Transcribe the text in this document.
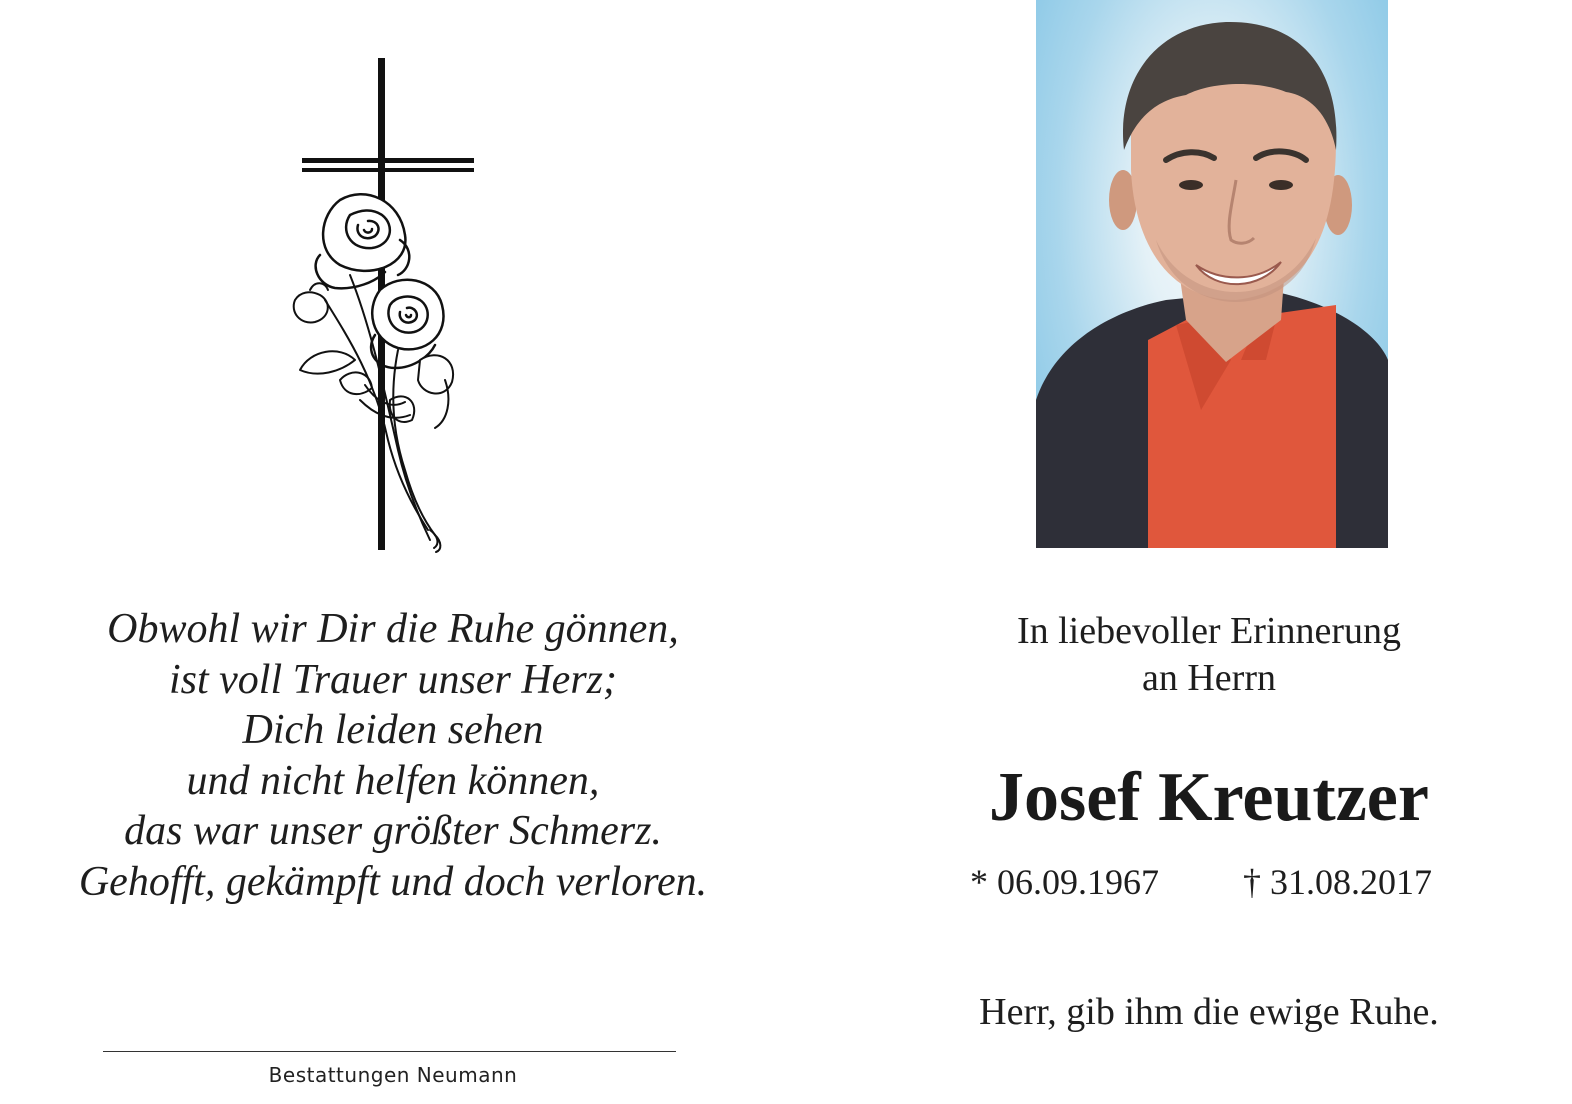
Obwohl wir Dir die Ruhe gönnen,
ist voll Trauer unser Herz;
Dich leiden sehen
und nicht helfen können,
das war unser größter Schmerz.
Gehofft, gekämpft und doch verloren.
Bestattungen Neumann
In liebevoller Erinnerung
an Herrn
Josef Kreutzer
* 06.09.1967 † 31.08.2017
Herr, gib ihm die ewige Ruhe.
